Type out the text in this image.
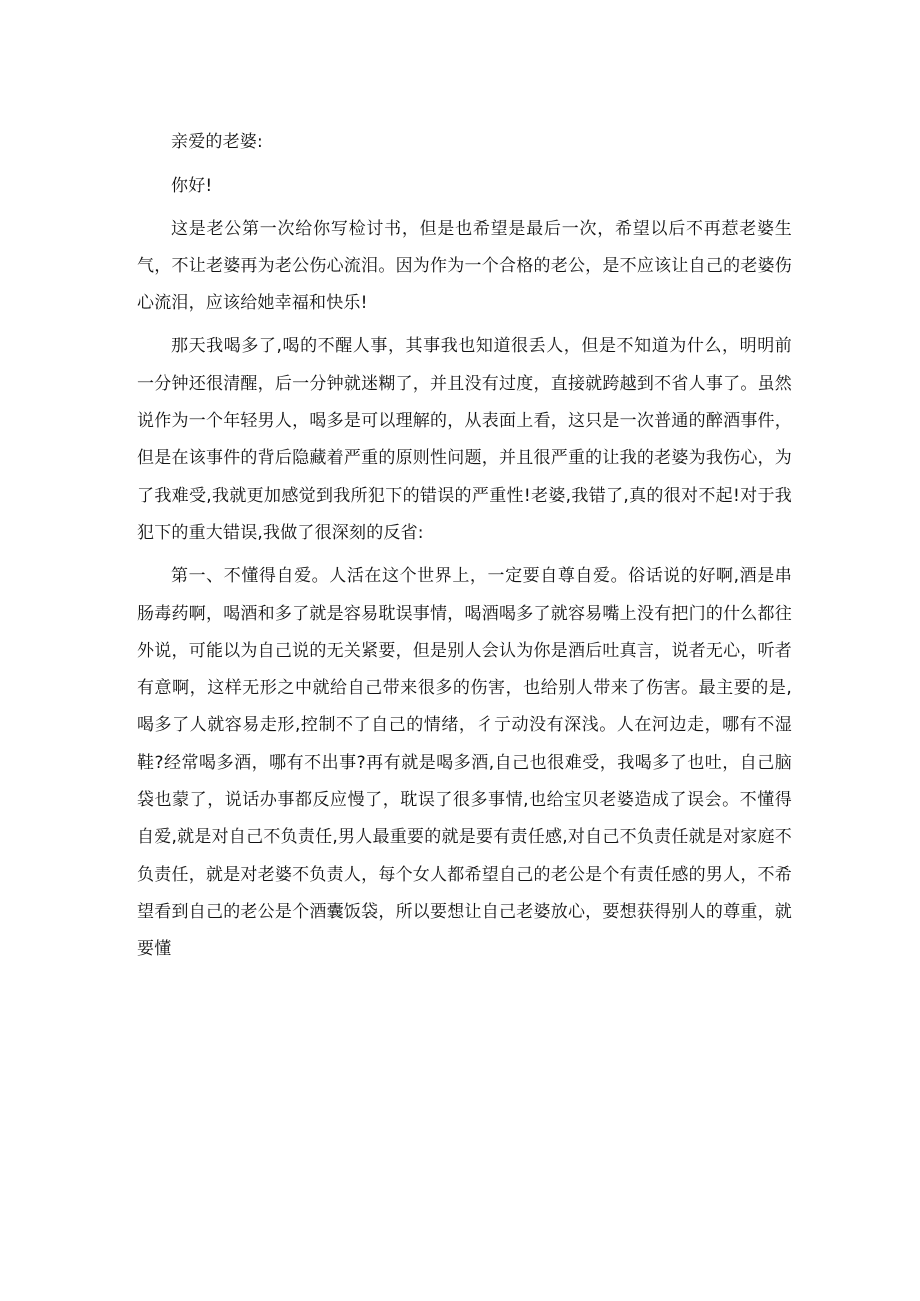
亲爱的老婆:

你好!

这是老公第一次给你写检讨书，但是也希望是最后一次，希望以后不再惹老婆生气，不让老婆再为老公伤心流泪。因为作为一个合格的老公，是不应该让自己的老婆伤心流泪，应该给她幸福和快乐!

那天我喝多了,喝的不醒人事，其事我也知道很丢人，但是不知道为什么，明明前一分钟还很清醒，后一分钟就迷糊了，并且没有过度，直接就跨越到不省人事了。虽然说作为一个年轻男人，喝多是可以理解的，从表面上看，这只是一次普通的醉酒事件，但是在该事件的背后隐藏着严重的原则性问题，并且很严重的让我的老婆为我伤心，为了我难受,我就更加感觉到我所犯下的错误的严重性!老婆,我错了,真的很对不起!对于我犯下的重大错误,我做了很深刻的反省:

第一、不懂得自爱。人活在这个世界上，一定要自尊自爱。俗话说的好啊,酒是串肠毒药啊，喝酒和多了就是容易耽误事情，喝酒喝多了就容易嘴上没有把门的什么都往外说，可能以为自己说的无关紧要，但是别人会认为你是酒后吐真言，说者无心，听者有意啊，这样无形之中就给自己带来很多的伤害，也给别人带来了伤害。最主要的是,喝多了人就容易走形,控制不了自己的情绪，彳亍动没有深浅。人在河边走，哪有不湿鞋?经常喝多酒，哪有不出事?再有就是喝多酒,自己也很难受，我喝多了也吐，自己脑袋也蒙了，说话办事都反应慢了，耽误了很多事情,也给宝贝老婆造成了误会。不懂得自爱,就是对自己不负责任,男人最重要的就是要有责任感,对自己不负责任就是对家庭不负责任，就是对老婆不负责人，每个女人都希望自己的老公是个有责任感的男人，不希望看到自己的老公是个酒囊饭袋，所以要想让自己老婆放心，要想获得别人的尊重，就要懂
